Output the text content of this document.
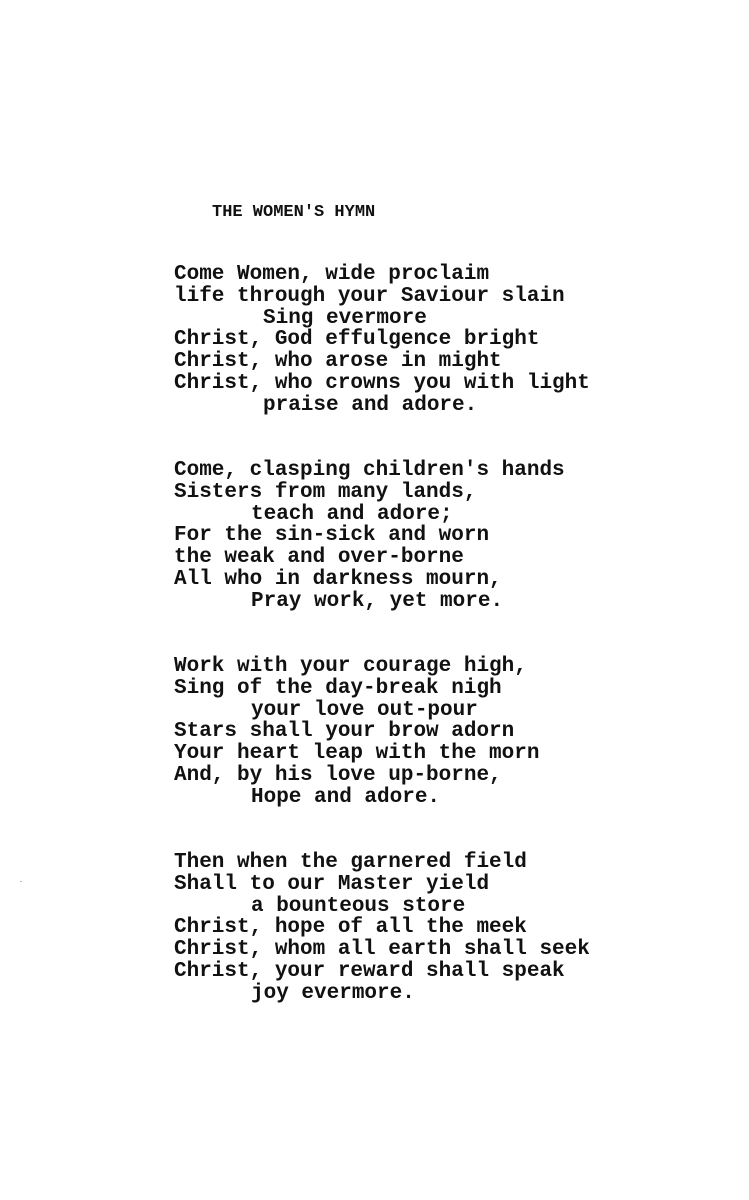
THE WOMEN'S HYMN
Come Women, wide proclaim
life through your Saviour slain
Sing evermore
Christ, God effulgence bright
Christ, who arose in might
Christ, who crowns you with light
praise and adore.
Come, clasping children's hands
Sisters from many lands,
teach and adore;
For the sin-sick and worn
the weak and over-borne
All who in darkness mourn,
Pray work, yet more.
Work with your courage high,
Sing of the day-break nigh
your love out-pour
Stars shall your brow adorn
Your heart leap with the morn
And, by his love up-borne,
Hope and adore.
Then when the garnered field
Shall to our Master yield
a bounteous store
Christ, hope of all the meek
Christ, whom all earth shall seek
Christ, your reward shall speak
joy evermore.
